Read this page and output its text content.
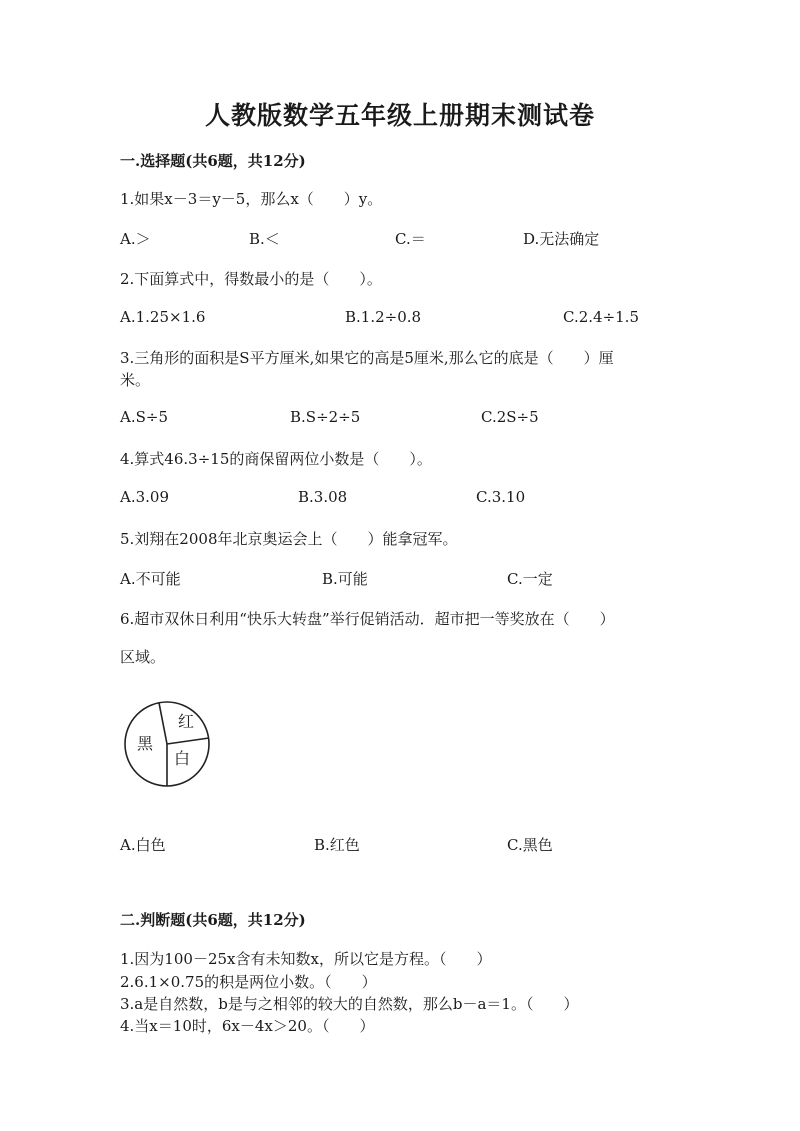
人教版数学五年级上册期末测试卷
一.选择题(共6题，共12分)
1.如果x－3＝y－5，那么x（　　）y。
A.＞	B.＜	C.＝	D.无法确定
2.下面算式中，得数最小的是（　　）。
A.1.25×1.6	B.1.2÷0.8	C.2.4÷1.5
3.三角形的面积是S平方厘米,如果它的高是5厘米,那么它的底是（　　）厘
米。
A.S÷5	B.S÷2÷5	C.2S÷5
4.算式46.3÷15的商保留两位小数是（　　）。
A.3.09	B.3.08	C.3.10
5.刘翔在2008年北京奥运会上（　　）能拿冠军。
A.不可能	B.可能	C.一定
6.超市双休日利用“快乐大转盘”举行促销活动．超市把一等奖放在（　　）
区域。
红
白
黑
A.白色	B.红色	C.黑色
二.判断题(共6题，共12分)
1.因为100－25x含有未知数x，所以它是方程。（　　）
2.6.1×0.75的积是两位小数。（　　）
3.a是自然数，b是与之相邻的较大的自然数，那么b－a＝1。（　　）
4.当x＝10时，6x－4x＞20。（　　）
